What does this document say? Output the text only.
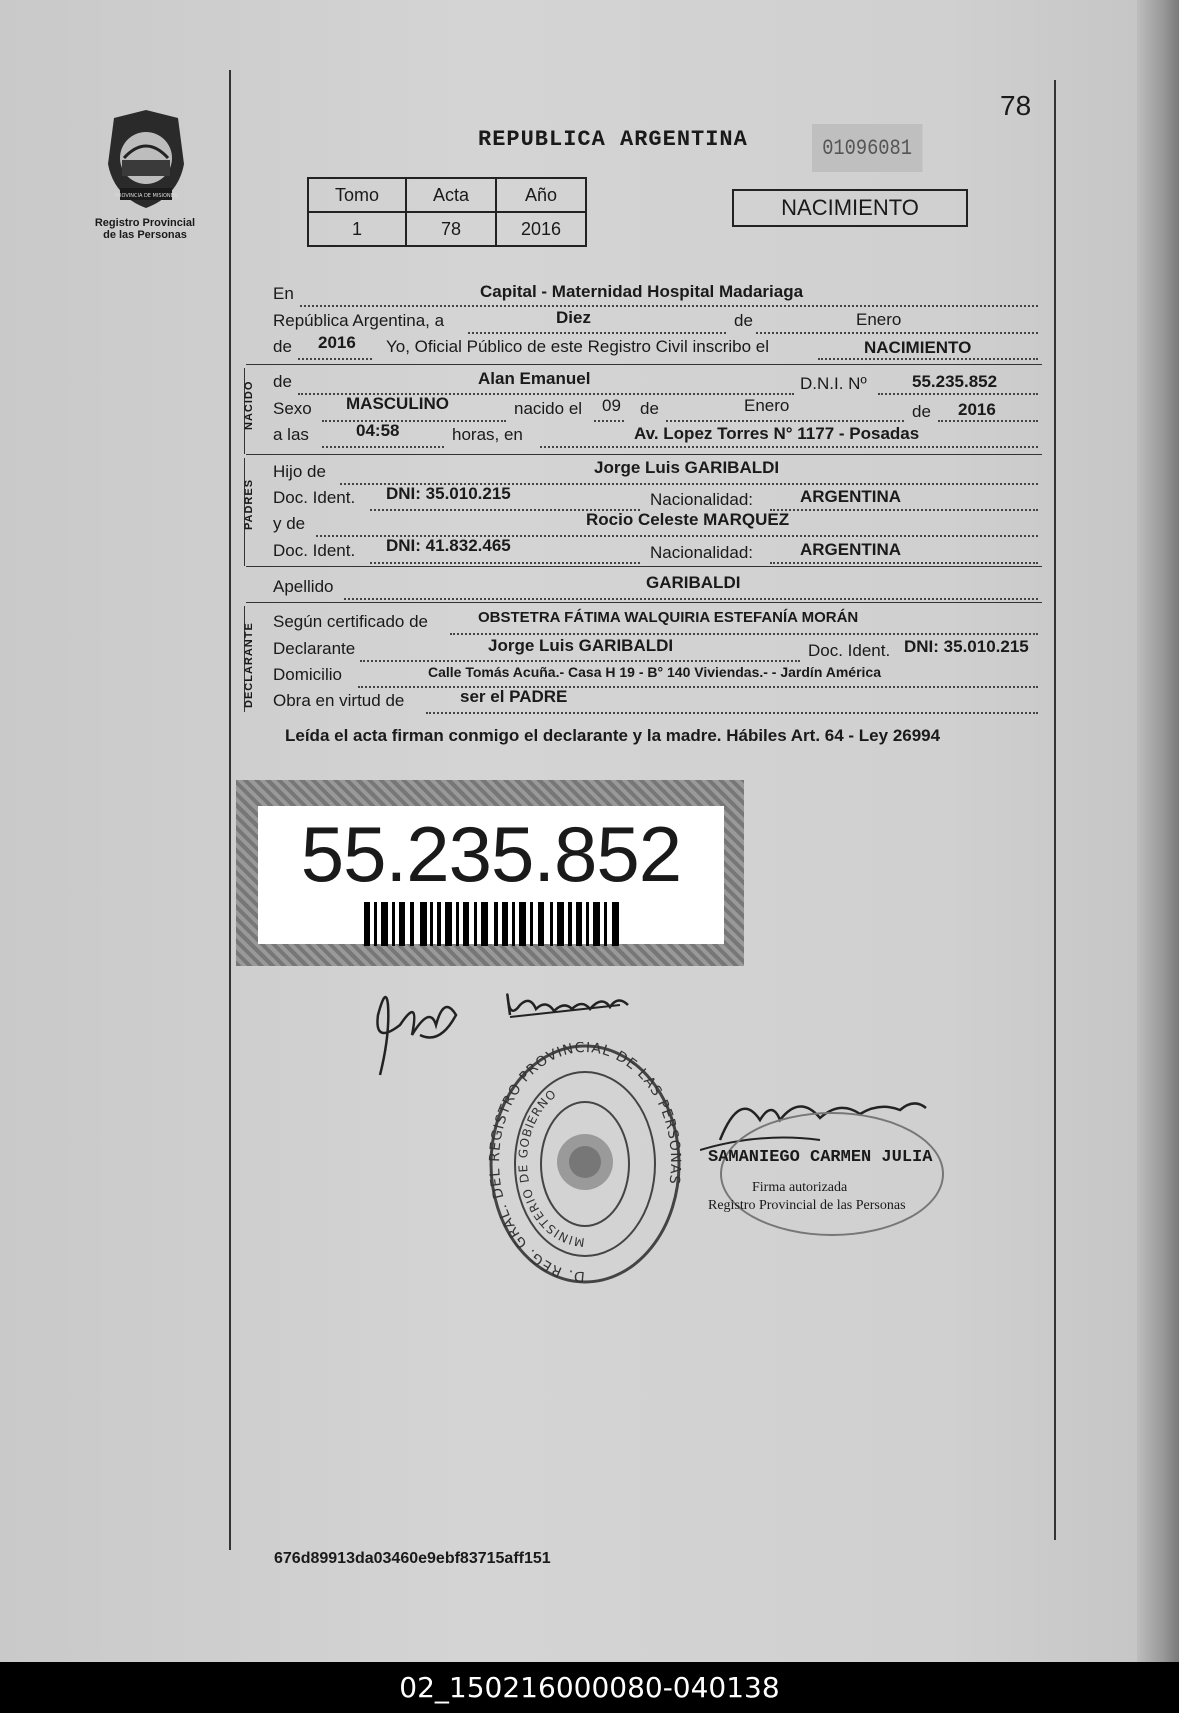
PROVINCIA DE MISIONES
Registro Provincial
de las Personas
78
REPUBLICA ARGENTINA	01096081
Tomo	Acta	Año
1	78	2016
NACIMIENTO
En	Capital - Maternidad Hospital Madariaga
República Argentina, a	Diez	de	Enero
de 2016 Yo, Oficial Público de este Registro Civil inscribo el	NACIMIENTO
NACIDO de	Alan Emanuel	D.N.I. Nº	55.235.852
Sexo MASCULINO	nacido el 09 de	Enero	de 2016
a las	04:58	horas, en	Av. Lopez Torres N° 1177 - Posadas
PADRES
Hijo de	Jorge Luis GARIBALDI
Doc. Ident. DNI: 35.010.215	Nacionalidad:	ARGENTINA
y de	Rocio Celeste MARQUEZ
Doc. Ident. DNI: 41.832.465	Nacionalidad:	ARGENTINA
Apellido	GARIBALDI
DECLARANTE
Según certificado de	OBSTETRA FÁTIMA WALQUIRIA ESTEFANÍA MORÁN
Declarante	Jorge Luis GARIBALDI	Doc. Ident. DNI: 35.010.215
Domicilio	Calle Tomás Acuña.- Casa H 19 - B° 140 Viviendas.- - Jardín América
Obra en virtud de	ser el PADRE
Leída el acta firman conmigo el declarante y la madre. Hábiles Art. 64 - Ley 26994
55.235.852
D. REG. GRAL. DEL REGISTRO PROVINCIAL DE LAS PERSONAS
MINISTERIO DE GOBIERNO
SAMANIEGO CARMEN JULIA
Firma autorizada
Registro Provincial de las Personas
676d89913da03460e9ebf83715aff151
02_150216000080-040138
